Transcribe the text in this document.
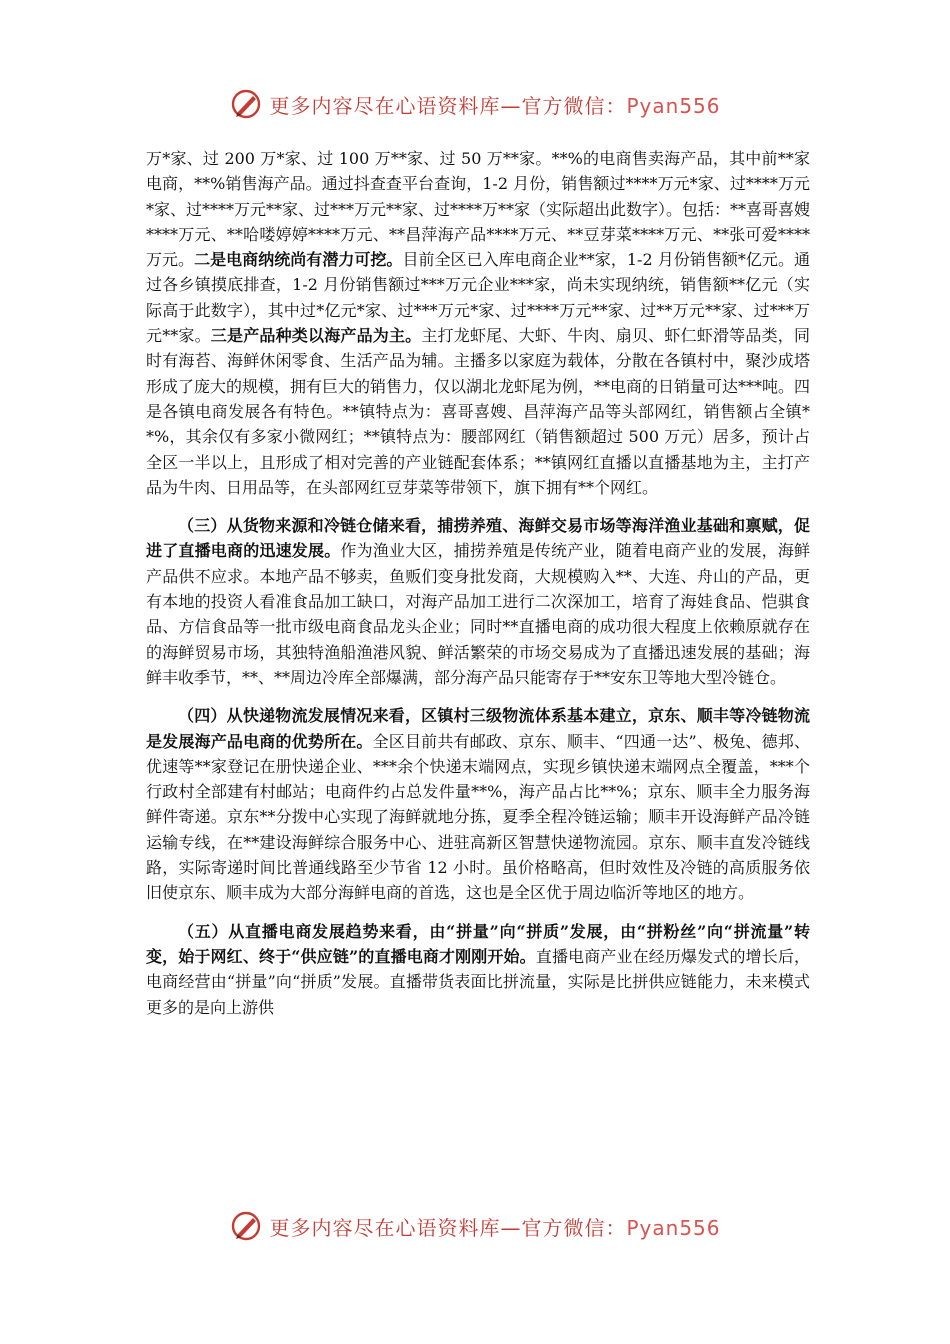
更多内容尽在心语资料库—官方微信：Pyan556

万*家、过 200 万*家、过 100 万**家、过 50 万**家。**%的电商售卖海产品，其中前**家电商，**%销售海产品。通过抖查查平台查询，1-2 月份，销售额过****万元*家、过****万元*家、过****万元**家、过***万元**家、过****万**家（实际超出此数字）。包括：**喜哥喜嫂****万元、**哈喽婷婷****万元、**昌萍海产品****万元、**豆芽菜****万元、**张可爱****万元。二是电商纳统尚有潜力可挖。目前全区已入库电商企业**家，1-2 月份销售额*亿元。通过各乡镇摸底排查，1-2 月份销售额过***万元企业***家，尚未实现纳统，销售额**亿元（实际高于此数字），其中过*亿元*家、过***万元*家、过****万元**家、过**万元**家、过***万元**家。三是产品种类以海产品为主。主打龙虾尾、大虾、牛肉、扇贝、虾仁虾滑等品类，同时有海苔、海鲜休闲零食、生活产品为辅。主播多以家庭为载体，分散在各镇村中，聚沙成塔形成了庞大的规模，拥有巨大的销售力，仅以湖北龙虾尾为例，**电商的日销量可达***吨。四是各镇电商发展各有特色。**镇特点为：喜哥喜嫂、昌萍海产品等头部网红，销售额占全镇**%，其余仅有多家小微网红；**镇特点为：腰部网红（销售额超过 500 万元）居多，预计占全区一半以上，且形成了相对完善的产业链配套体系；**镇网红直播以直播基地为主，主打产品为牛肉、日用品等，在头部网红豆芽菜等带领下，旗下拥有**个网红。

（三）从货物来源和冷链仓储来看，捕捞养殖、海鲜交易市场等海洋渔业基础和禀赋，促进了直播电商的迅速发展。作为渔业大区，捕捞养殖是传统产业，随着电商产业的发展，海鲜产品供不应求。本地产品不够卖，鱼贩们变身批发商，大规模购入**、大连、舟山的产品，更有本地的投资人看准食品加工缺口，对海产品加工进行二次深加工，培育了海娃食品、恺骐食品、方信食品等一批市级电商食品龙头企业；同时**直播电商的成功很大程度上依赖原就存在的海鲜贸易市场，其独特渔船渔港风貌、鲜活繁荣的市场交易成为了直播迅速发展的基础；海鲜丰收季节，**、**周边冷库全部爆满，部分海产品只能寄存于**安东卫等地大型冷链仓。

（四）从快递物流发展情况来看，区镇村三级物流体系基本建立，京东、顺丰等冷链物流是发展海产品电商的优势所在。全区目前共有邮政、京东、顺丰、“四通一达”、极兔、德邦、优速等**家登记在册快递企业、***余个快递末端网点，实现乡镇快递末端网点全覆盖，***个行政村全部建有村邮站；电商件约占总发件量**%，海产品占比**%；京东、顺丰全力服务海鲜件寄递。京东**分拨中心实现了海鲜就地分拣，夏季全程冷链运输；顺丰开设海鲜产品冷链运输专线，在**建设海鲜综合服务中心、进驻高新区智慧快递物流园。京东、顺丰直发冷链线路，实际寄递时间比普通线路至少节省 12 小时。虽价格略高，但时效性及冷链的高质服务依旧使京东、顺丰成为大部分海鲜电商的首选，这也是全区优于周边临沂等地区的地方。

（五）从直播电商发展趋势来看，由“拼量”向“拼质”发展，由“拼粉丝”向“拼流量”转变，始于网红、终于“供应链”的直播电商才刚刚开始。直播电商产业在经历爆发式的增长后，电商经营由“拼量”向“拼质”发展。直播带货表面比拼流量，实际是比拼供应链能力，未来模式更多的是向上游供

更多内容尽在心语资料库—官方微信：Pyan556
